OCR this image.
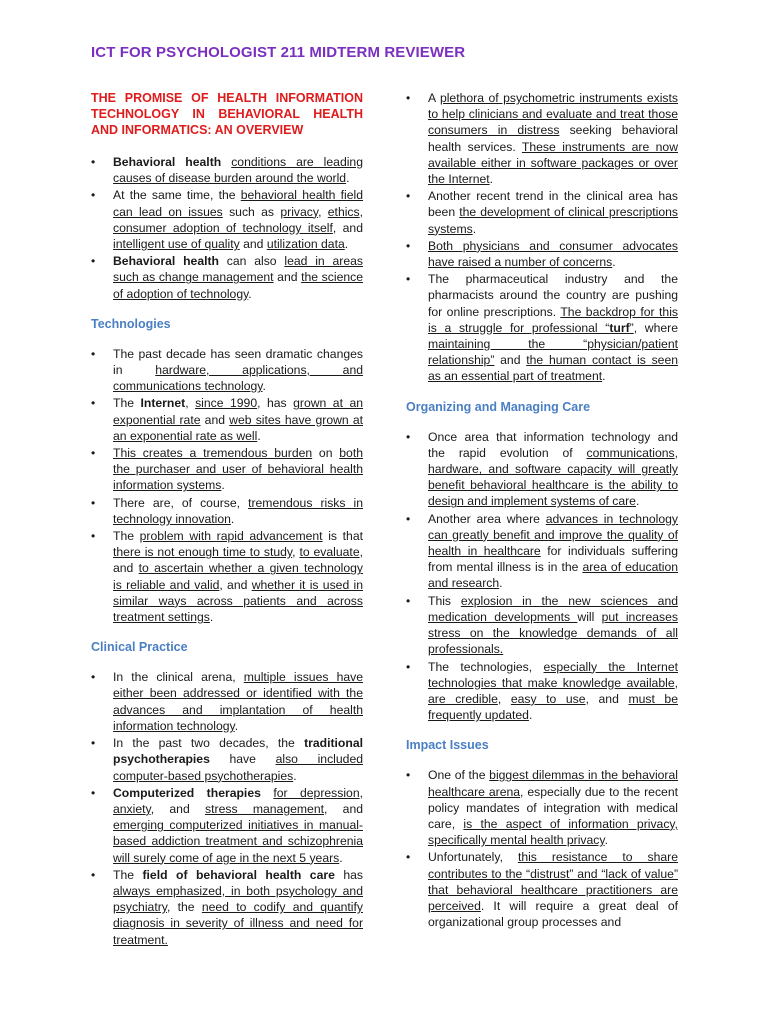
ICT FOR PSYCHOLOGIST 211 MIDTERM REVIEWER
THE PROMISE OF HEALTH INFORMATION TECHNOLOGY IN BEHAVIORAL HEALTH AND INFORMATICS: AN OVERVIEW
• Behavioral health conditions are leading causes of disease burden around the world.
• At the same time, the behavioral health field can lead on issues such as privacy, ethics, consumer adoption of technology itself, and intelligent use of quality and utilization data.
• Behavioral health can also lead in areas such as change management and the science of adoption of technology.
Technologies
• The past decade has seen dramatic changes in hardware, applications, and communications technology.
• The Internet, since 1990, has grown at an exponential rate and web sites have grown at an exponential rate as well.
• This creates a tremendous burden on both the purchaser and user of behavioral health information systems.
• There are, of course, tremendous risks in technology innovation.
• The problem with rapid advancement is that there is not enough time to study, to evaluate, and to ascertain whether a given technology is reliable and valid, and whether it is used in similar ways across patients and across treatment settings.
Clinical Practice
• In the clinical arena, multiple issues have either been addressed or identified with the advances and implantation of health information technology.
• In the past two decades, the traditional psychotherapies have also included computer-based psychotherapies.
• Computerized therapies for depression, anxiety, and stress management, and emerging computerized initiatives in manual-based addiction treatment and schizophrenia will surely come of age in the next 5 years.
• The field of behavioral health care has always emphasized, in both psychology and psychiatry, the need to codify and quantify diagnosis in severity of illness and need for treatment.
• A plethora of psychometric instruments exists to help clinicians and evaluate and treat those consumers in distress seeking behavioral health services. These instruments are now available either in software packages or over the Internet.
• Another recent trend in the clinical area has been the development of clinical prescriptions systems.
• Both physicians and consumer advocates have raised a number of concerns.
• The pharmaceutical industry and the pharmacists around the country are pushing for online prescriptions. The backdrop for this is a struggle for professional “turf”, where maintaining the “physician/patient relationship” and the human contact is seen as an essential part of treatment.
Organizing and Managing Care
• Once area that information technology and the rapid evolution of communications, hardware, and software capacity will greatly benefit behavioral healthcare is the ability to design and implement systems of care.
• Another area where advances in technology can greatly benefit and improve the quality of health in healthcare for individuals suffering from mental illness is in the area of education and research.
• This explosion in the new sciences and medication developments will put increases stress on the knowledge demands of all professionals.
• The technologies, especially the Internet technologies that make knowledge available, are credible, easy to use, and must be frequently updated.
Impact Issues
• One of the biggest dilemmas in the behavioral healthcare arena, especially due to the recent policy mandates of integration with medical care, is the aspect of information privacy, specifically mental health privacy.
• Unfortunately, this resistance to share contributes to the “distrust” and “lack of value” that behavioral healthcare practitioners are perceived. It will require a great deal of organizational group processes and
